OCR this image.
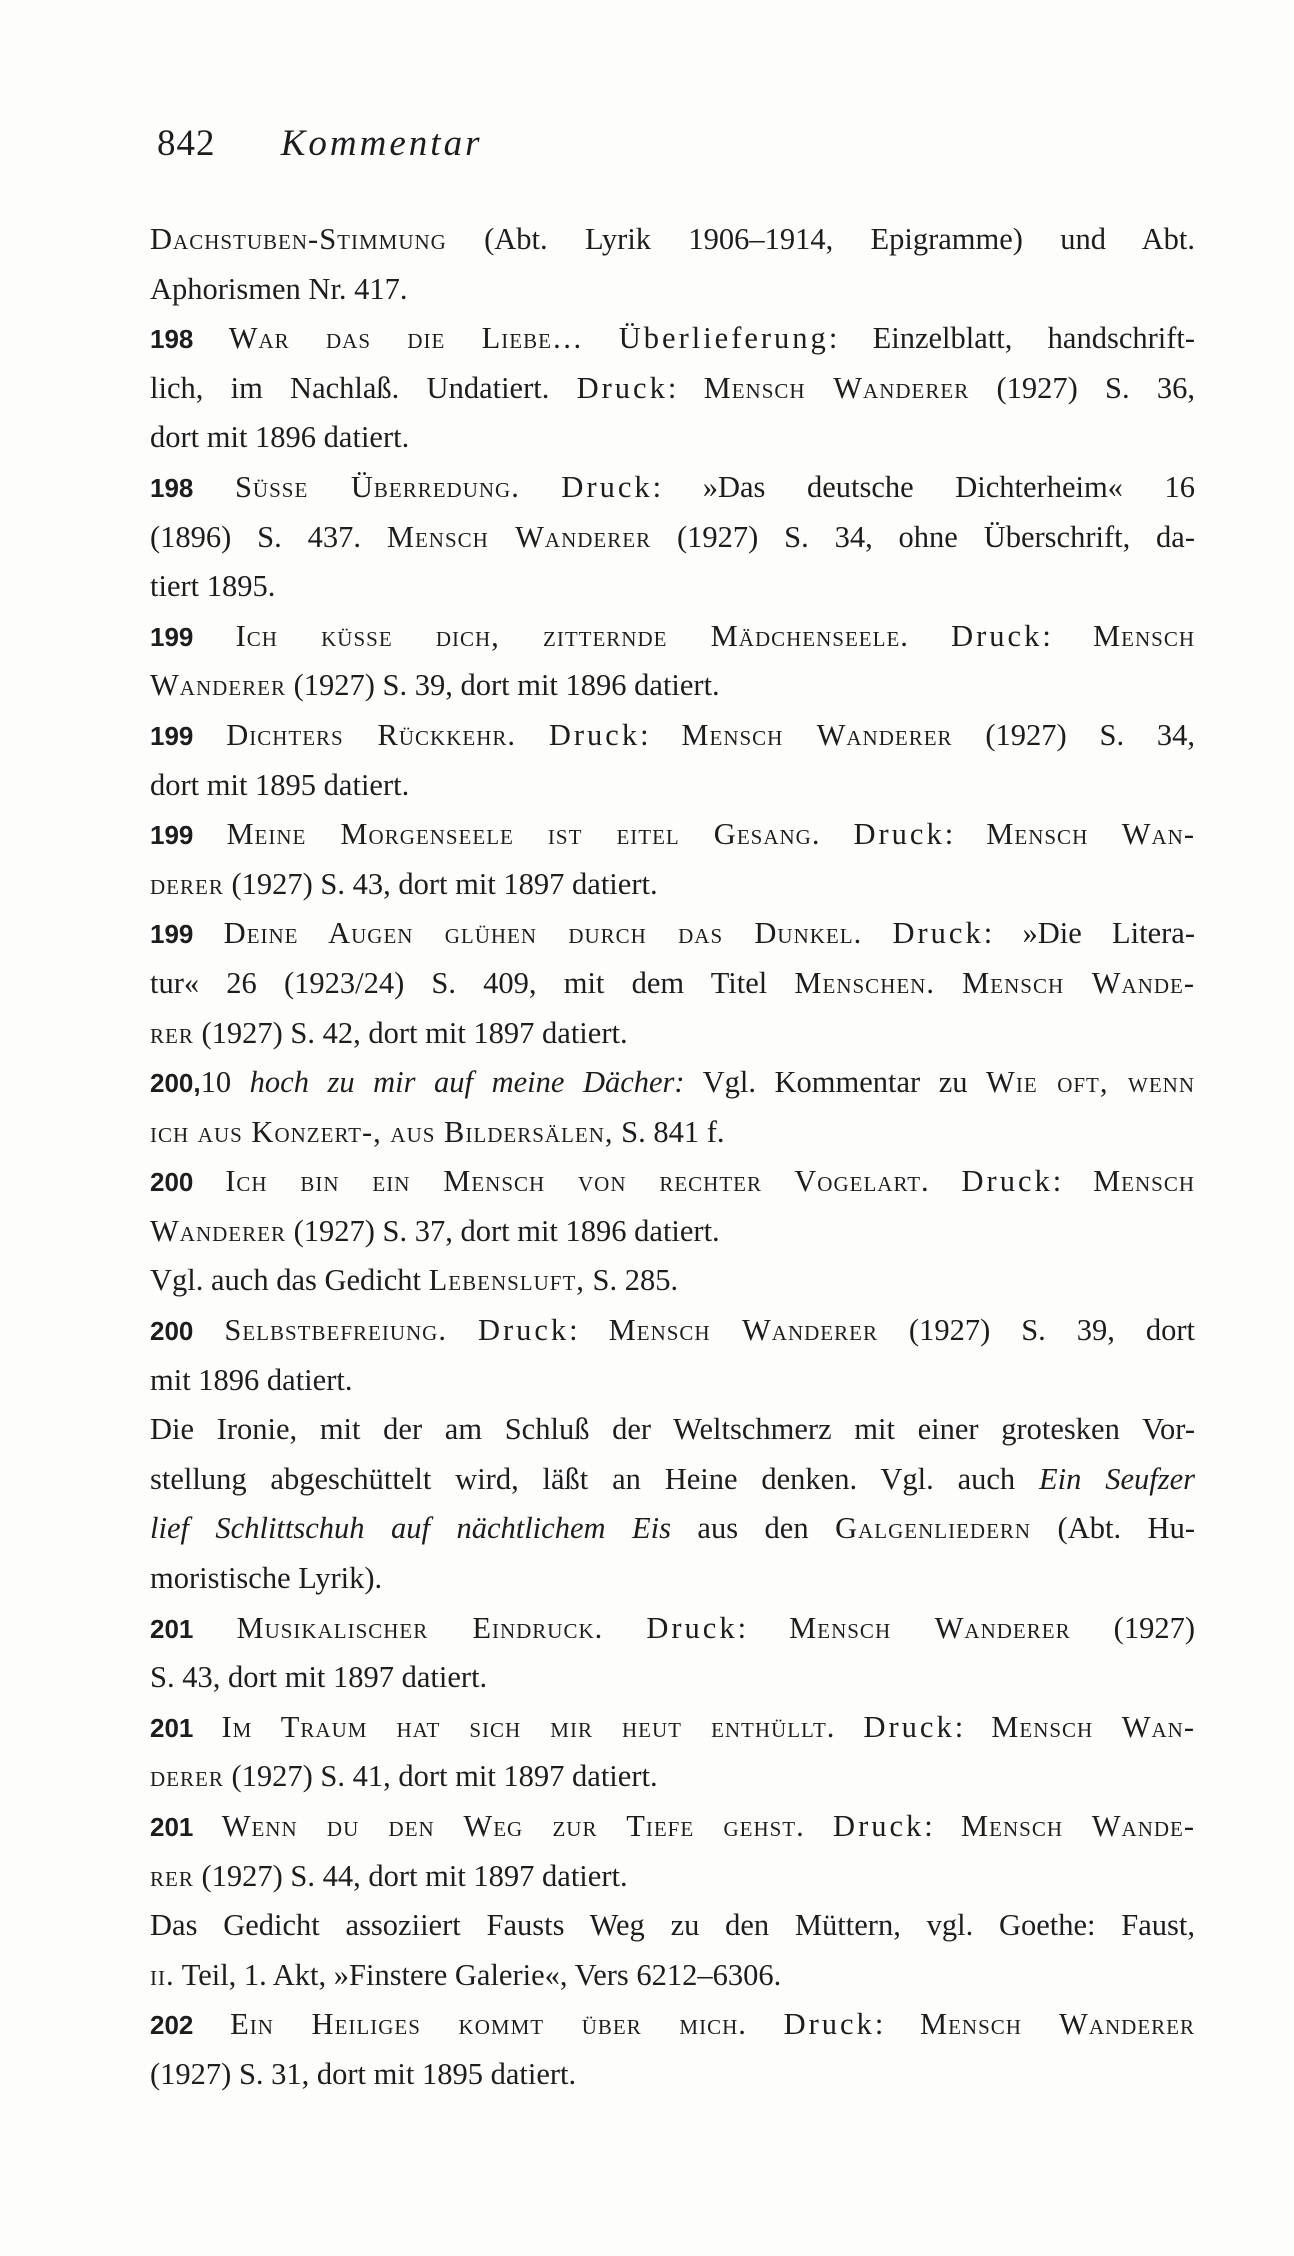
842 Kommentar
Dachstuben-Stimmung (Abt. Lyrik 1906–1914, Epigramme) und Abt.
Aphorismen Nr. 417.
198 War das die Liebe… Überlieferung: Einzelblatt, handschrift-
lich, im Nachlaß. Undatiert. Druck: Mensch Wanderer (1927) S. 36,
dort mit 1896 datiert.
198 Süsse Überredung. Druck: »Das deutsche Dichterheim« 16
(1896) S. 437. Mensch Wanderer (1927) S. 34, ohne Überschrift, da-
tiert 1895.
199 Ich küsse dich, zitternde Mädchenseele. Druck: Mensch
Wanderer (1927) S. 39, dort mit 1896 datiert.
199 Dichters Rückkehr. Druck: Mensch Wanderer (1927) S. 34,
dort mit 1895 datiert.
199 Meine Morgenseele ist eitel Gesang. Druck: Mensch Wan-
derer (1927) S. 43, dort mit 1897 datiert.
199 Deine Augen glühen durch das Dunkel. Druck: »Die Litera-
tur« 26 (1923/24) S. 409, mit dem Titel Menschen. Mensch Wande-
rer (1927) S. 42, dort mit 1897 datiert.
200,10 hoch zu mir auf meine Dächer: Vgl. Kommentar zu Wie oft, wenn
ich aus Konzert-, aus Bildersälen, S. 841 f.
200 Ich bin ein Mensch von rechter Vogelart. Druck: Mensch
Wanderer (1927) S. 37, dort mit 1896 datiert.
Vgl. auch das Gedicht Lebensluft, S. 285.
200 Selbstbefreiung. Druck: Mensch Wanderer (1927) S. 39, dort
mit 1896 datiert.
Die Ironie, mit der am Schluß der Weltschmerz mit einer grotesken Vor-
stellung abgeschüttelt wird, läßt an Heine denken. Vgl. auch Ein Seufzer
lief Schlittschuh auf nächtlichem Eis aus den Galgenliedern (Abt. Hu-
moristische Lyrik).
201 Musikalischer Eindruck. Druck: Mensch Wanderer (1927)
S. 43, dort mit 1897 datiert.
201 Im Traum hat sich mir heut enthüllt. Druck: Mensch Wan-
derer (1927) S. 41, dort mit 1897 datiert.
201 Wenn du den Weg zur Tiefe gehst. Druck: Mensch Wande-
rer (1927) S. 44, dort mit 1897 datiert.
Das Gedicht assoziiert Fausts Weg zu den Müttern, vgl. Goethe: Faust,
ii. Teil, 1. Akt, »Finstere Galerie«, Vers 6212–6306.
202 Ein Heiliges kommt über mich. Druck: Mensch Wanderer
(1927) S. 31, dort mit 1895 datiert.
